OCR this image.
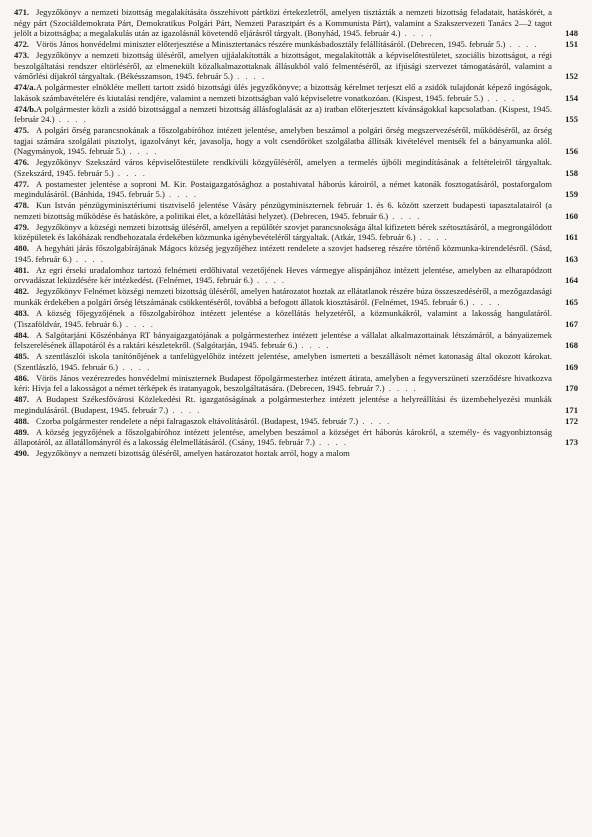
471. Jegyzőkönyv a nemzeti bizottság megalakításáta összehívott pártközi értekezletről, amelyen tisztázták a nemzeti bizottság feladatait, hatáskörét, a négy párt (Szociáldemokrata Párt, Demokratikus Polgári Párt, Nemzeti Parasztpárt és a Kommunista Párt), valamint a Szakszervezeti Tanács 2—2 tagot jelölt a bizottságba; a megalakulás után az igazolásnál követendő eljárásról tárgyalt. (Bonyhád, 1945. február 4.) . . . .	148
472. Vörös János honvédelmi miniszter előterjesztése a Minisztertanács részére munkásbadosztály felállításáról. (Debrecen, 1945. február 5.) . . . .	151
473. Jegyzőkönyv a nemzeti bizottság üléséről, amelyen ujjáalakították a bizottságot, megalakították a képviselőtestületet, szociális bizottságot, a régi beszolgáltatási rendszer eltörléséről, az elmenekült közalkalmazottaknak állásukból való felmentéséről, az ifjúsági szervezet támogatásáról, valamint a vámőrlési díjakról tárgyaltak. (Békésszamson, 1945. február 5.) . . . .	152
474/a.A polgármester elnökléte mellett tartott zsidó bizottsági ülés jegyzőkönyve; a bizottság kérelmet terjeszt elő a zsidók tulajdonát képező ingóságok, lakások számbavételére és kiutalási rendjére, valamint a nemzeti bizottságban való képviseletre vonatkozóan. (Kispest, 1945. február 5.) . . . .	154
474/b.A polgármester közli a zsidó bizottsággal a nemzeti bizottság állásfoglalását az a) iratban előterjesztett kívánságokkal kapcsolatban. (Kispest, 1945. február 24.) . . . .	155
475. A polgári őrség parancsnokának a főszolgabíróhoz intézett jelentése, amelyben beszámol a polgári őrség megszervezéséről, működéséről, az őrség tagjai számára szolgálati pisztolyt, igazolványt kér, javasolja, hogy a volt csendőröket szolgálatba állítsák kivételével mentsék fel a bányamunka alól. (Nagymányok, 1945. február 5.) . . . .	156
476. Jegyzőkönyv Szekszárd város képviselőtestülete rendkívüli közgyűléséről, amelyen a termelés újbóli megindításának a feltételeiről tárgyaltak. (Szekszárd, 1945. február 5.) . . . .	158
477. A postamester jelentése a soproni M. Kir. Postaigazgatósághoz a postahivatal háborús károiról, a német katonák fosztogatásáról, postaforgalom megindulásáról. (Bánhida, 1945. február 5.) . . . .	159
478. Kun István pénzügyminisztériumi tisztviselő jelentése Vásáry pénzügyminiszternek február 1. és 6. között szerzett budapesti tapasztalatairól (a nemzeti bizottság működése és hatásköre, a politikai élet, a közellátási helyzet). (Debrecen, 1945. február 6.) . . . .	160
479. Jegyzőkönyv a községi nemzeti bizottság üléséről, amelyen a repülőtér szovjet parancsnoksága által kifizetett bérek szétosztásáról, a megrongálódott középületek és lakóházak rendbehozatala érdekében közmunka igénybevételéről tárgyaltak. (Atkár, 1945. február 6.) . . . .	161
480. A hegyháti járás főszolgabírájának Mágocs község jegyzőjéhez intézett rendelete a szovjet hadsereg részére történő közmunka-kirendelésről. (Sásd, 1945. február 6.) . . . .	163
481. Az egri érseki uradalomhoz tartozó felnémeti erdőhivatal vezetőjének Heves vármegye alispánjához intézett jelentése, amelyben az elharapódzott orvvadászat leküzdésére kér intézkedést. (Felnémet, 1945. február 6.) . . . .	164
482. Jegyzőkönyv Felnémet községi nemzeti bizottság üléséről, amelyen határozatot hoztak az ellátatlanok részére búza összeszedéséről, a mezőgazdasági munkák érdekében a polgári őrség létszámának csökkentéséről, továbbá a befogott állatok kiosztásáról. (Felnémet, 1945. február 6.) . . . .	165
483. A község főjegyzőjének a főszolgabíróhoz intézett jelentése a közellátás helyzetéről, a közmunkákról, valamint a lakosság hangulatáról. (Tiszaföldvár, 1945. február 6.) . . . .	167
484. A Salgótarjáni Kőszénbánya RT bányaigazgatójának a polgármesterhez intézett jelentése a vállalat alkalmazottainak létszámáról, a bányaüzemek felszerelésének állapotáról és a raktári készletekről. (Salgótarján, 1945. február 6.) . . . .	168
485. A szentlászlói iskola tanítónőjének a tanfelügyelőhöz intézett jelentése, amelyben ismerteti a beszállásolt német katonaság által okozott károkat. (Szentlászló, 1945. február 6.) . . . .	169
486. Vörös János vezérezredes honvédelmi miniszternek Budapest főpolgármesterhez intézett átirata, amelyben a fegyverszüneti szerződésre hivatkozva kéri: Hívja fel a lakosságot a német térképek és iratanyagok, beszolgáltatására. (Debrecen, 1945. február 7.) . . . .	170
487. A Budapest Székesfővárosi Közlekedési Rt. igazgatóságának a polgármesterhez intézett jelentése a helyreállítási és üzembehelyezési munkák megindulásáról. (Budapest, 1945. február 7.) . . . .	171
488. Czorba polgármester rendelete a népi falragaszok eltávolításáról. (Budapest, 1945. február 7.) . . . .	172
489. A község jegyzőjének a főszolgabíróhoz intézett jelentése, amelyben beszámol a községet ért háborús károkról, a személy- és vagyonbiztonság állapotáról, az állatállományról és a lakosság élelmellátásáról. (Csány, 1945. február 7.) . . . .	173
490. Jegyzőkönyv a nemzeti bizottság üléséről, amelyen határozatot hoztak arról, hogy a malom
